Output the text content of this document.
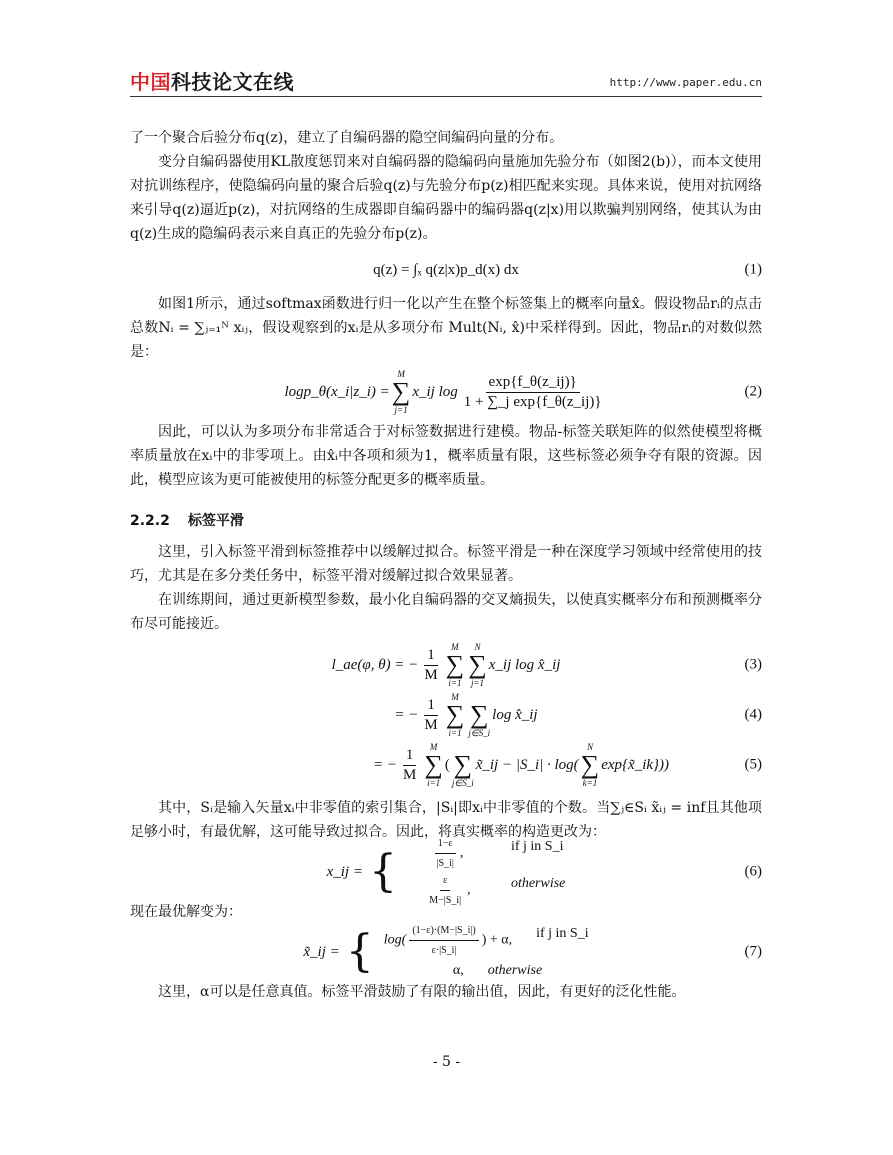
中国科技论文在线	http://www.paper.edu.cn

了一个聚合后验分布q(z)，建立了自编码器的隐空间编码向量的分布。

变分自编码器使用KL散度惩罚来对自编码器的隐编码向量施加先验分布（如图2(b)），而本文使用对抗训练程序，使隐编码向量的聚合后验q(z)与先验分布p(z)相匹配来实现。具体来说，使用对抗网络来引导q(z)逼近p(z)，对抗网络的生成器即自编码器中的编码器q(z|x)用以欺骗判别网络，使其认为由q(z)生成的隐编码表示来自真正的先验分布p(z)。

q(z) = ∫ₓ q(z|x)p_d(x) dx	(1)

如图1所示，通过softmax函数进行归一化以产生在整个标签集上的概率向量x̂。假设物品rᵢ的点击总数Nᵢ = ∑ⱼ₌₁ᴺ xᵢⱼ，假设观察到的xᵢ是从多项分布 Mult(Nᵢ, x̂)中采样得到。因此，物品rᵢ的对数似然是：

logp_θ(x_i|z_i) =
M
∑
j=1
x_ij $\log \frac{\exp\{f\_\theta(z\_ij)\}}{\text{1 + ∑\_j exp\{f\_θ(z\_ij)\}}}$	(2)

因此，可以认为多项分布非常适合于对标签数据进行建模。物品-标签关联矩阵的似然使模型将概率质量放在xᵢ中的非零项上。由x̂ᵢ中各项和须为1，概率质量有限，这些标签必须争夺有限的资源。因此，模型应该为更可能被使用的标签分配更多的概率质量。

2.2.2 标签平滑

这里，引入标签平滑到标签推荐中以缓解过拟合。标签平滑是一种在深度学习领域中经常使用的技巧，尤其是在多分类任务中，标签平滑对缓解过拟合效果显著。

在训练期间，通过更新模型参数，最小化自编码器的交叉熵损失，以使真实概率分布和预测概率分布尽可能接近。

l_ae(φ, θ) = − $\frac{1}{M}$ M
∑
i=1
N
∑
j=1
x_ij log x̂_ij	(3)
= − $\frac{1}{M}$ M
∑
i=1

∑
j∈S_i
log x̂_ij	(4)
= − $\frac{1}{M}$ M
∑
i=1
(
∑
j∈S_i
x̃_ij − |S_i| · log(
N
∑
k=1
exp{x̃_ik}))	(5)

其中，Sᵢ是输入矢量xᵢ中非零值的索引集合，|Sᵢ|即xᵢ中非零值的个数。当∑ⱼ∈Sᵢ x̃ᵢⱼ = inf且其他项足够小时，有最优解，这可能导致过拟合。因此，将真实概率的构造更改为：

x_ij = {	$\frac{1-\varepsilon}{|S\_i|}$ ,	if j in S_i
$\frac{\varepsilon}{M-|S\_i|}$ ,	otherwise
(6)

现在最优解变为：

x̃_ij = { $\log( \frac{(1-\varepsilon)\cdot(M-|S\_i|)}{\varepsilon\cdot|S\_i|}$ ) + α, if j in S_i
α, otherwise
(7)

这里，α可以是任意真值。标签平滑鼓励了有限的输出值，因此，有更好的泛化性能。

- 5 -
